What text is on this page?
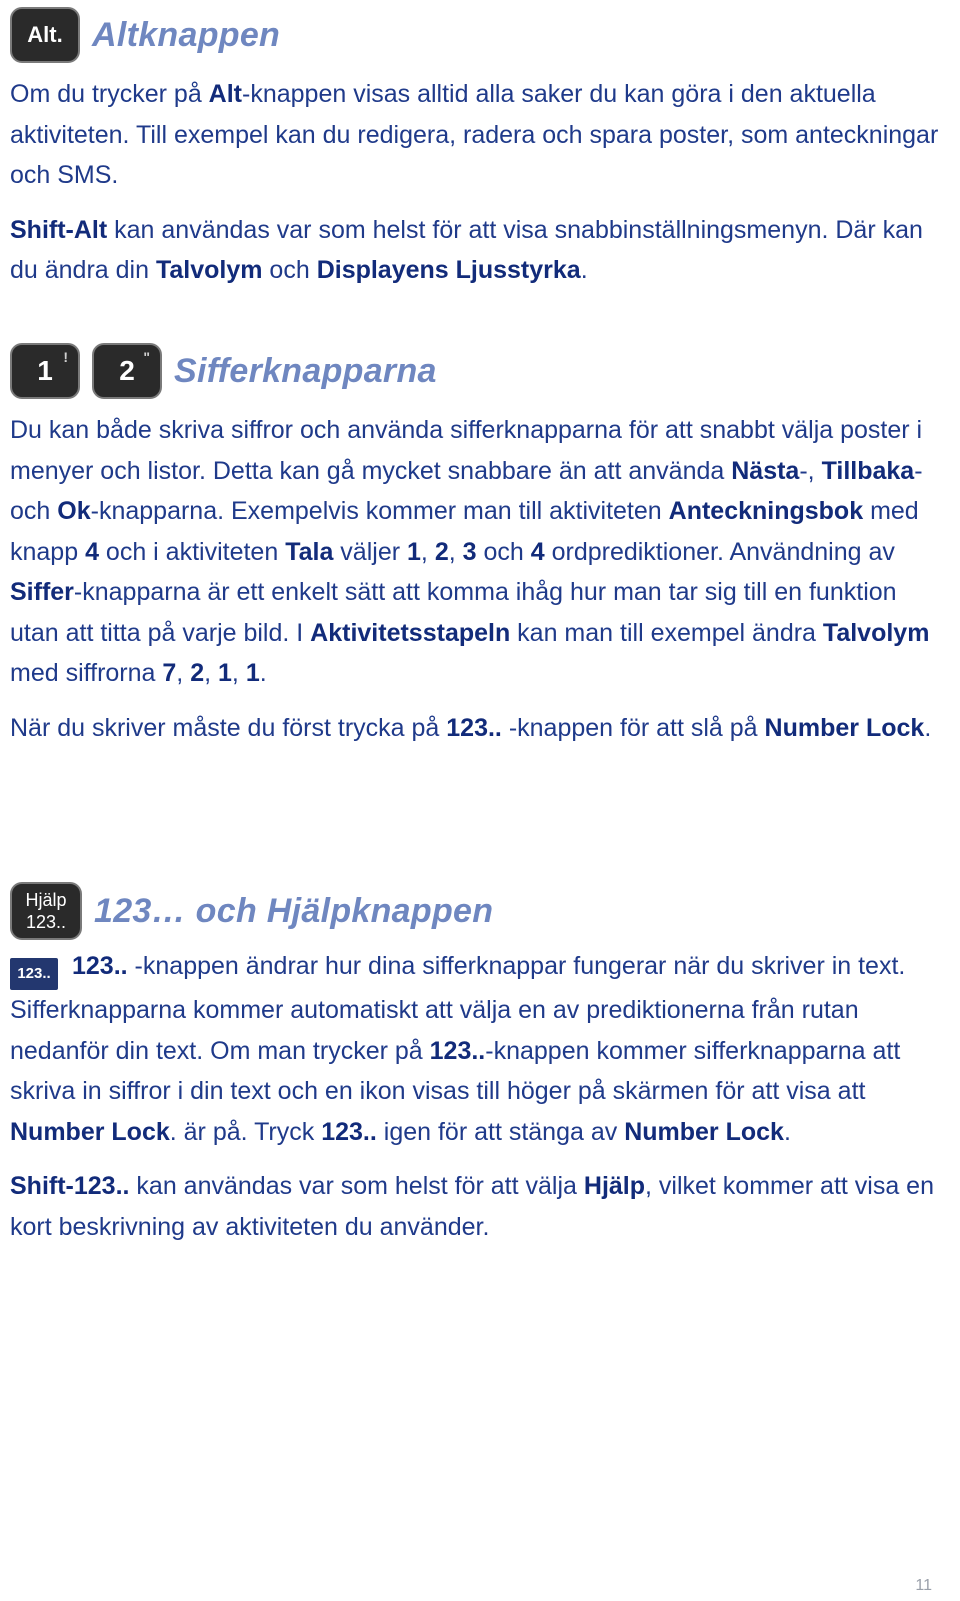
Alt. Altknappen

Om du trycker på Alt-knappen visas alltid alla saker du kan göra i den aktuella aktiviteten. Till exempel kan du redigera, radera och spara poster, som anteckningar och SMS.

Shift-Alt kan användas var som helst för att visa snabbinställningsmenyn. Där kan du ändra din Talvolym och Displayens Ljusstyrka.

1 ! 2 " Sifferknapparna

Du kan både skriva siffror och använda sifferknapparna för att snabbt välja poster i menyer och listor. Detta kan gå mycket snabbare än att använda Nästa-, Tillbaka- och Ok-knapparna. Exempelvis kommer man till aktiviteten Anteckningsbok med knapp 4 och i aktiviteten Tala väljer 1, 2, 3 och 4 ordprediktioner. Användning av Siffer-knapparna är ett enkelt sätt att komma ihåg hur man tar sig till en funktion utan att titta på varje bild. I Aktivitetsstapeln kan man till exempel ändra Talvolym med siffrorna 7, 2, 1, 1.

När du skriver måste du först trycka på 123.. -knappen för att slå på Number Lock.

Hjälp
123.. 123… och Hjälpknappen

123.. 123.. -knappen ändrar hur dina sifferknappar fungerar när du skriver in text. Sifferknapparna kommer automatiskt att välja en av prediktionerna från rutan nedanför din text. Om man trycker på 123..-knappen kommer sifferknapparna att skriva in siffror i din text och en ikon visas till höger på skärmen för att visa att Number Lock. är på. Tryck 123.. igen för att stänga av Number Lock.

Shift-123.. kan användas var som helst för att välja Hjälp, vilket kommer att visa en kort beskrivning av aktiviteten du använder.

11
